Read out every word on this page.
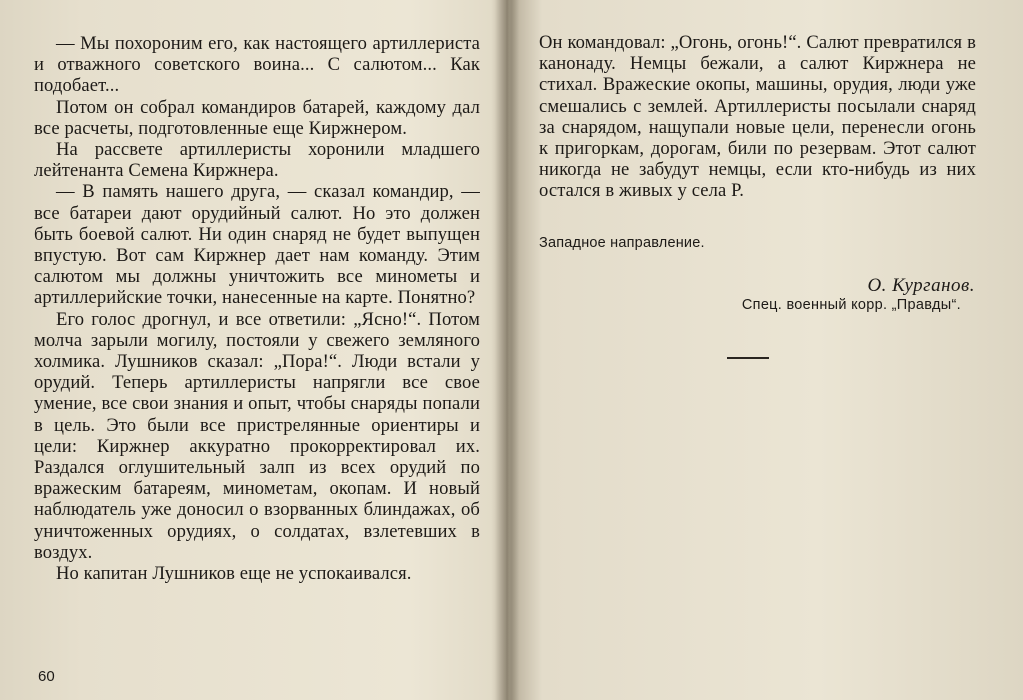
— Мы похороним его, как настоящего артиллериста и отважного советского воина... С салютом... Как подобает...

Потом он собрал командиров батарей, каждому дал все расчеты, подготовленные еще Киржнером.

На рассвете артиллеристы хоронили младшего лейтенанта Семена Киржнера.

— В память нашего друга, — сказал командир, — все батареи дают орудийный салют. Но это должен быть боевой салют. Ни один снаряд не будет выпущен впустую. Вот сам Киржнер дает нам команду. Этим салютом мы должны уничтожить все минометы и артиллерийские точки, нанесенные на карте. Понятно?

Его голос дрогнул, и все ответили: „Ясно!“. Потом молча зарыли могилу, постояли у свежего земляного холмика. Лушников сказал: „Пора!“. Люди встали у орудий. Теперь артиллеристы напрягли все свое умение, все свои знания и опыт, чтобы снаряды попали в цель. Это были все пристрелянные ориентиры и цели: Киржнер аккуратно прокорректировал их. Раздался оглушительный залп из всех орудий по вражеским батареям, минометам, окопам. И новый наблюдатель уже доносил о взорванных блиндажах, об уничтоженных орудиях, о солдатах, взлетевших в воздух.

Но капитан Лушников еще не успокаивался.

60

Он командовал: „Огонь, огонь!“. Салют превратился в канонаду. Немцы бежали, а салют Киржнера не стихал. Вражеские окопы, машины, орудия, люди уже смешались с землей. Артиллеристы посылали снаряд за снарядом, нащупали новые цели, перенесли огонь к пригоркам, дорогам, били по резервам. Этот салют никогда не забудут немцы, если кто-нибудь из них остался в живых у села Р.

Западное направление.
О. Курганов.
Спец. военный корр. „Правды“.
